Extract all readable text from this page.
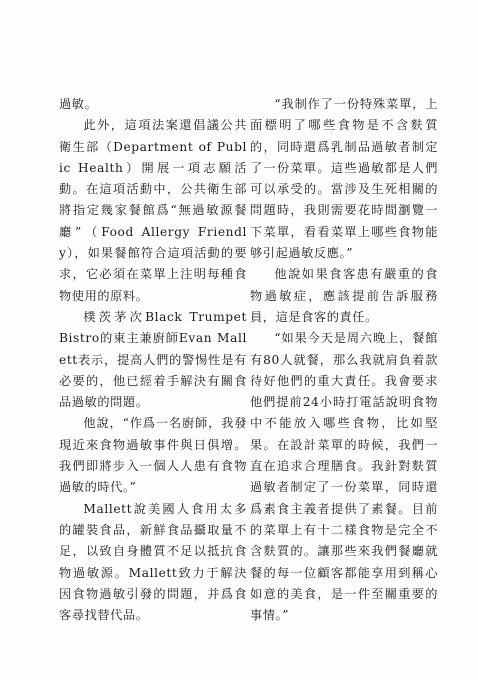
過敏。

此外，這項法案還倡議公共衛生部（Department of Public Health）開展一項志願活動。在這項活動中，公共衛生部將指定幾家餐館爲“無過敏源餐廳”（Food Allergy Friendly），如果餐館符合這項活動的要求，它必須在菜單上注明每種食物使用的原料。

樸茨茅次Black Trumpet Bistro的東主兼廚師Evan Mallett表示，提高人們的警惕性是有必要的，他已經着手解決有關食品過敏的問題。

他說，“作爲一名廚師，我發現近來食物過敏事件與日俱增。我們即將步入一個人人患有食物過敏的時代。”

Mallett說美國人食用太多的罐裝食品，新鮮食品攝取量不足，以致自身體質不足以抵抗食物過敏源。Mallett致力于解決因食物過敏引發的問題，并爲食客尋找替代品。

“我制作了一份特殊菜單，上面標明了哪些食物是不含麩質的，同時還爲乳制品過敏者制定了一份菜單。這些過敏都是人們可以承受的。當涉及生死相關的問題時，我則需要花時間瀏覽一下菜單，看看菜單上哪些食物能够引起過敏反應。”

他說如果食客患有嚴重的食物過敏症，應該提前告訴服務員，這是食客的責任。

“如果今天是周六晚上，餐館有80人就餐，那么我就肩負着款待好他們的重大責任。我會要求他們提前24小時打電話說明食物中不能放入哪些食物，比如堅果。在設計菜單的時候，我們一直在追求合理膳食。我針對麩質過敏者制定了一份菜單，同時還爲素食主義者提供了素餐。目前的菜單上有十二樣食物是完全不含麩質的。讓那些來我們餐廳就餐的每一位顧客都能享用到稱心如意的美食，是一件至關重要的事情。”
